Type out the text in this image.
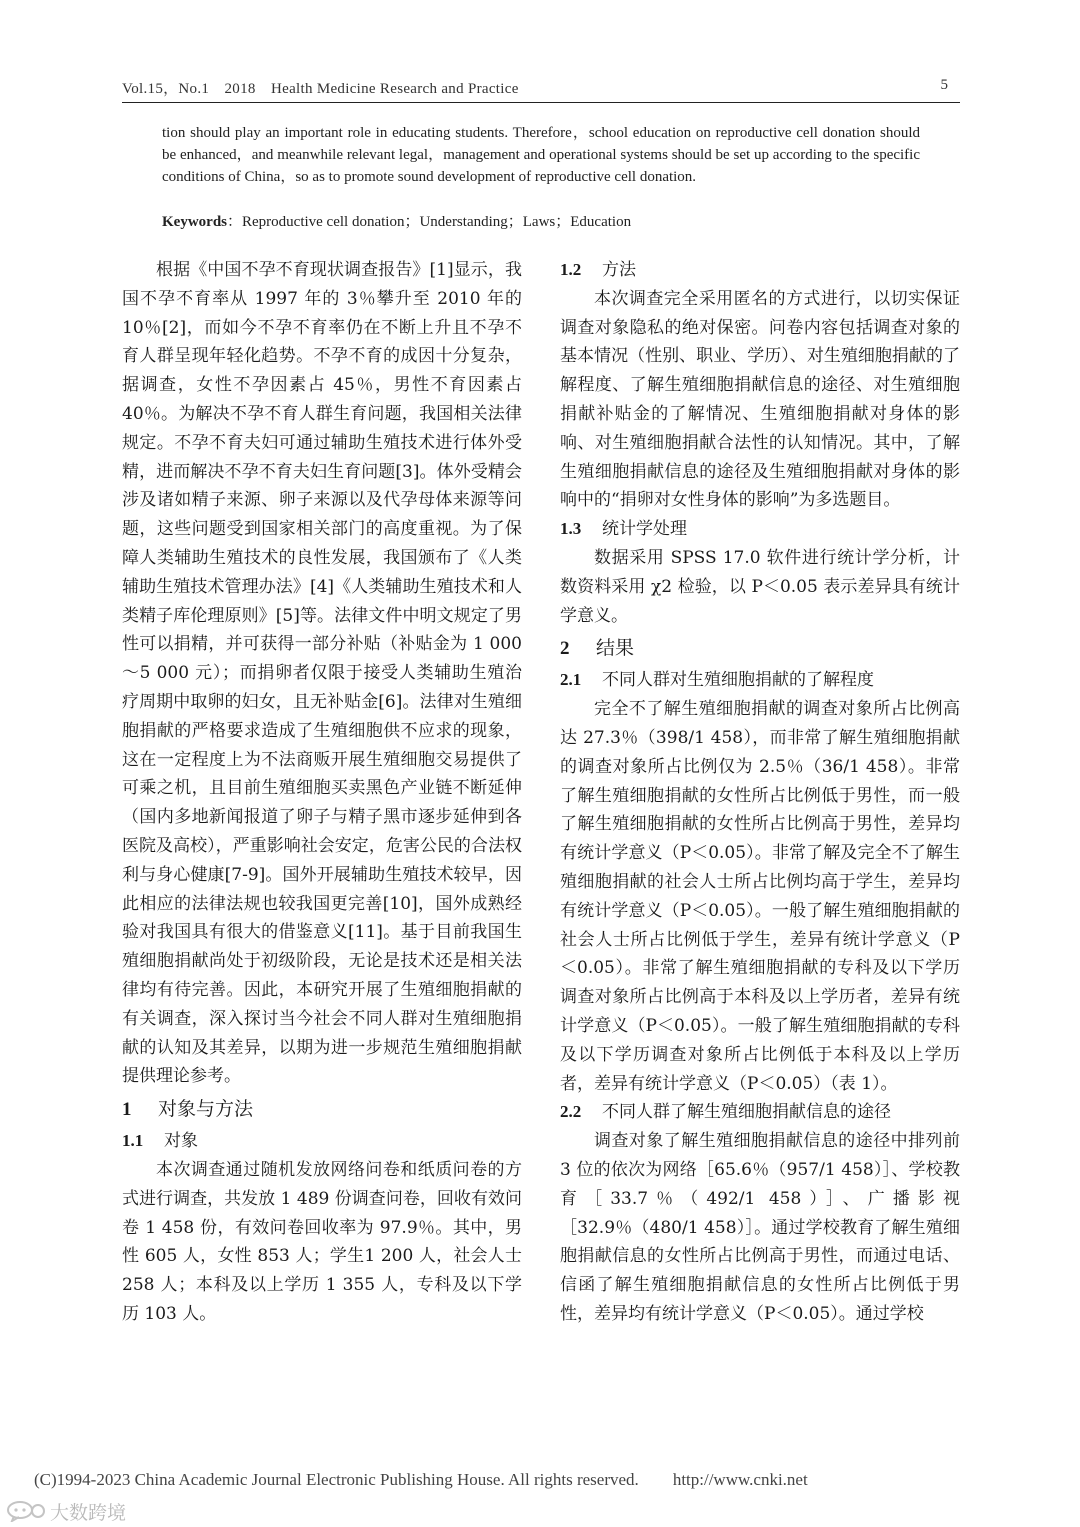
Vol.15，No.1　2018　Health Medicine Research and Practice	5

tion should play an important role in educating students. Therefore，school education on reproductive cell donation should be enhanced，and meanwhile relevant legal，management and operational systems should be set up according to the specific conditions of China，so as to promote sound development of reproductive cell donation.

Keywords：Reproductive cell donation；Understanding；Laws；Education

根据《中国不孕不育现状调查报告》[1]显示，我国不孕不育率从 1997 年的 3％攀升至 2010 年的 10％[2]，而如今不孕不育率仍在不断上升且不孕不育人群呈现年轻化趋势。不孕不育的成因十分复杂，据调查，女性不孕因素占 45％，男性不育因素占 40％。为解决不孕不育人群生育问题，我国相关法律规定。不孕不育夫妇可通过辅助生殖技术进行体外受精，进而解决不孕不育夫妇生育问题[3]。体外受精会涉及诸如精子来源、卵子来源以及代孕母体来源等问题，这些问题受到国家相关部门的高度重视。为了保障人类辅助生殖技术的良性发展，我国颁布了《人类辅助生殖技术管理办法》[4]《人类辅助生殖技术和人类精子库伦理原则》[5]等。法律文件中明文规定了男性可以捐精，并可获得一部分补贴（补贴金为 1 000～5 000 元）；而捐卵者仅限于接受人类辅助生殖治疗周期中取卵的妇女，且无补贴金[6]。法律对生殖细胞捐献的严格要求造成了生殖细胞供不应求的现象，这在一定程度上为不法商贩开展生殖细胞交易提供了可乘之机，且目前生殖细胞买卖黑色产业链不断延伸（国内多地新闻报道了卵子与精子黑市逐步延伸到各医院及高校），严重影响社会安定，危害公民的合法权利与身心健康[7-9]。国外开展辅助生殖技术较早，因此相应的法律法规也较我国更完善[10]，国外成熟经验对我国具有很大的借鉴意义[11]。基于目前我国生殖细胞捐献尚处于初级阶段，无论是技术还是相关法律均有待完善。因此，本研究开展了生殖细胞捐献的有关调查，深入探讨当今社会不同人群对生殖细胞捐献的认知及其差异，以期为进一步规范生殖细胞捐献提供理论参考。

1 对象与方法
1.1 对象

本次调查通过随机发放网络问卷和纸质问卷的方式进行调查，共发放 1 489 份调查问卷，回收有效问卷 1 458 份，有效问卷回收率为 97.9％。其中，男性 605 人，女性 853 人；学生1 200 人，社会人士 258 人；本科及以上学历 1 355 人，专科及以下学历 103 人。

1.2 方法

本次调查完全采用匿名的方式进行，以切实保证调查对象隐私的绝对保密。问卷内容包括调查对象的基本情况（性别、职业、学历）、对生殖细胞捐献的了解程度、了解生殖细胞捐献信息的途径、对生殖细胞捐献补贴金的了解情况、生殖细胞捐献对身体的影响、对生殖细胞捐献合法性的认知情况。其中，了解生殖细胞捐献信息的途径及生殖细胞捐献对身体的影响中的“捐卵对女性身体的影响”为多选题目。

1.3 统计学处理

数据采用 SPSS 17.0 软件进行统计学分析，计数资料采用 χ2 检验，以 P＜0.05 表示差异具有统计学意义。

2 结果
2.1 不同人群对生殖细胞捐献的了解程度

完全不了解生殖细胞捐献的调查对象所占比例高达 27.3％（398/1 458），而非常了解生殖细胞捐献的调查对象所占比例仅为 2.5％（36/1 458）。非常了解生殖细胞捐献的女性所占比例低于男性，而一般了解生殖细胞捐献的女性所占比例高于男性，差异均有统计学意义（P＜0.05）。非常了解及完全不了解生殖细胞捐献的社会人士所占比例均高于学生，差异均有统计学意义（P＜0.05）。一般了解生殖细胞捐献的社会人士所占比例低于学生，差异有统计学意义（P＜0.05）。非常了解生殖细胞捐献的专科及以下学历调查对象所占比例高于本科及以上学历者，差异有统计学意义（P＜0.05）。一般了解生殖细胞捐献的专科及以下学历调查对象所占比例低于本科及以上学历者，差异有统计学意义（P＜0.05）（表 1）。

2.2 不同人群了解生殖细胞捐献信息的途径

调查对象了解生殖细胞捐献信息的途径中排列前 3 位的依次为网络［65.6％（957/1 458）］、学校教育［33.7％（492/1 458）］、广播影视［32.9％（480/1 458）］。通过学校教育了解生殖细胞捐献信息的女性所占比例高于男性，而通过电话、信函了解生殖细胞捐献信息的女性所占比例低于男性，差异均有统计学意义（P＜0.05）。通过学校

(C)1994-2023 China Academic Journal Electronic Publishing House. All rights reserved. http://www.cnki.net
大数跨境
